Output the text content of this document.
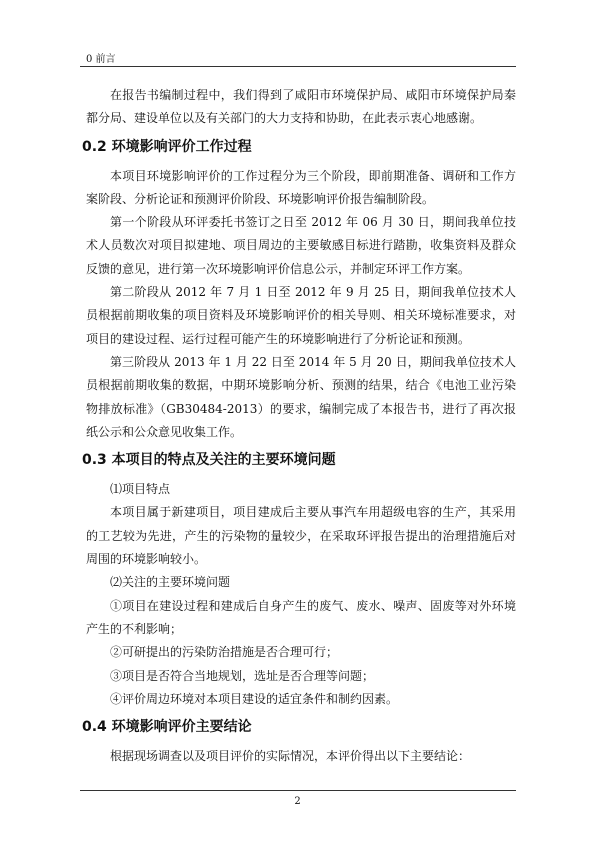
0 前言

在报告书编制过程中，我们得到了咸阳市环境保护局、咸阳市环境保护局秦都分局、建设单位以及有关部门的大力支持和协助，在此表示衷心地感谢。

0.2 环境影响评价工作过程

本项目环境影响评价的工作过程分为三个阶段，即前期准备、调研和工作方案阶段、分析论证和预测评价阶段、环境影响评价报告编制阶段。

第一个阶段从环评委托书签订之日至 2012 年 06 月 30 日，期间我单位技术人员数次对项目拟建地、项目周边的主要敏感目标进行踏勘，收集资料及群众反馈的意见，进行第一次环境影响评价信息公示，并制定环评工作方案。

第二阶段从 2012 年 7 月 1 日至 2012 年 9 月 25 日，期间我单位技术人员根据前期收集的项目资料及环境影响评价的相关导则、相关环境标准要求，对项目的建设过程、运行过程可能产生的环境影响进行了分析论证和预测。

第三阶段从 2013 年 1 月 22 日至 2014 年 5 月 20 日，期间我单位技术人员根据前期收集的数据，中期环境影响分析、预测的结果，结合《电池工业污染物排放标准》（GB30484-2013）的要求，编制完成了本报告书，进行了再次报纸公示和公众意见收集工作。

0.3 本项目的特点及关注的主要环境问题

⑴项目特点

本项目属于新建项目，项目建成后主要从事汽车用超级电容的生产，其采用的工艺较为先进，产生的污染物的量较少，在采取环评报告提出的治理措施后对周围的环境影响较小。

⑵关注的主要环境问题

①项目在建设过程和建成后自身产生的废气、废水、噪声、固废等对外环境产生的不利影响；

②可研提出的污染防治措施是否合理可行；

③项目是否符合当地规划，选址是否合理等问题；

④评价周边环境对本项目建设的适宜条件和制约因素。

0.4 环境影响评价主要结论

根据现场调查以及项目评价的实际情况，本评价得出以下主要结论：

2
